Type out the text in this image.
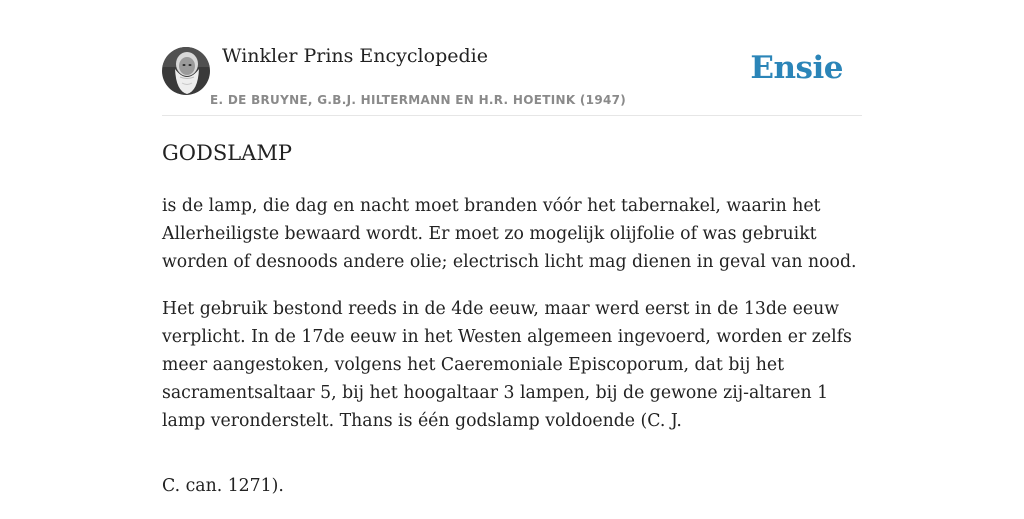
Winkler Prins Encyclopedie
E. DE BRUYNE, G.B.J. HILTERMANN EN H.R. HOETINK (1947)
Ensie
GODSLAMP

is de lamp, die dag en nacht moet branden vóór het tabernakel, waarin het Allerheiligste bewaard wordt. Er moet zo mogelijk olijfolie of was gebruikt worden of desnoods andere olie; electrisch licht mag dienen in geval van nood.

Het gebruik bestond reeds in de 4de eeuw, maar werd eerst in de 13de eeuw verplicht. In de 17de eeuw in het Westen algemeen ingevoerd, worden er zelfs meer aangestoken, volgens het Caeremoniale Episcoporum, dat bij het sacramentsaltaar 5, bij het hoogaltaar 3 lampen, bij de gewone zij-altaren 1 lamp veronderstelt. Thans is één godslamp voldoende (C. J.

C. can. 1271).
